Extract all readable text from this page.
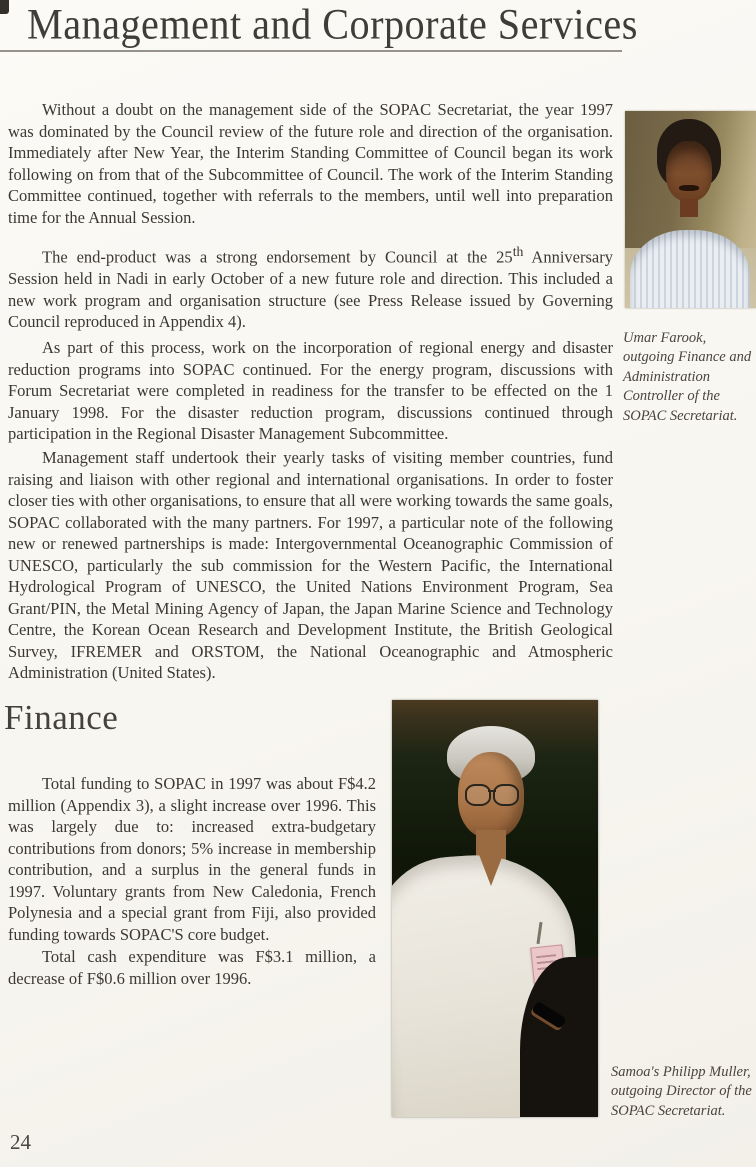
Management and Corporate Services

Without a doubt on the management side of the SOPAC Secretariat, the year 1997 was dominated by the Council review of the future role and direction of the organisation. Immediately after New Year, the Interim Standing Committee of Council began its work following on from that of the Subcommittee of Council. The work of the Interim Standing Committee continued, together with referrals to the members, until well into preparation time for the Annual Session.

The end-product was a strong endorsement by Council at the 25th Anniversary Session held in Nadi in early October of a new future role and direction. This included a new work program and organisation structure (see Press Release issued by Governing Council reproduced in Appendix 4).

As part of this process, work on the incorporation of regional energy and disaster reduction programs into SOPAC continued. For the energy program, discussions with Forum Secretariat were completed in readiness for the transfer to be effected on the 1 January 1998. For the disaster reduction program, discussions continued through participation in the Regional Disaster Management Subcommittee.

Management staff undertook their yearly tasks of visiting member countries, fund raising and liaison with other regional and international organisations. In order to foster closer ties with other organisations, to ensure that all were working towards the same goals, SOPAC collaborated with the many partners. For 1997, a particular note of the following new or renewed partnerships is made: Intergovernmental Oceanographic Commission of UNESCO, particularly the sub commission for the Western Pacific, the International Hydrological Program of UNESCO, the United Nations Environment Program, Sea Grant/PIN, the Metal Mining Agency of Japan, the Japan Marine Science and Technology Centre, the Korean Ocean Research and Development Institute, the British Geological Survey, IFREMER and ORSTOM, the National Oceanographic and Atmospheric Administration (United States).

Umar Farook, outgoing Finance and Administration Controller of the SOPAC Secretariat.

Finance

Total funding to SOPAC in 1997 was about F$4.2 million (Appendix 3), a slight increase over 1996. This was largely due to: increased extra-budgetary contributions from donors; 5% increase in membership contribution, and a surplus in the general funds in 1997. Voluntary grants from New Caledonia, French Polynesia and a special grant from Fiji, also provided funding towards SOPAC'S core budget.

Total cash expenditure was F$3.1 million, a decrease of F$0.6 million over 1996.

Samoa's Philipp Muller, outgoing Director of the SOPAC Secretariat.

24
